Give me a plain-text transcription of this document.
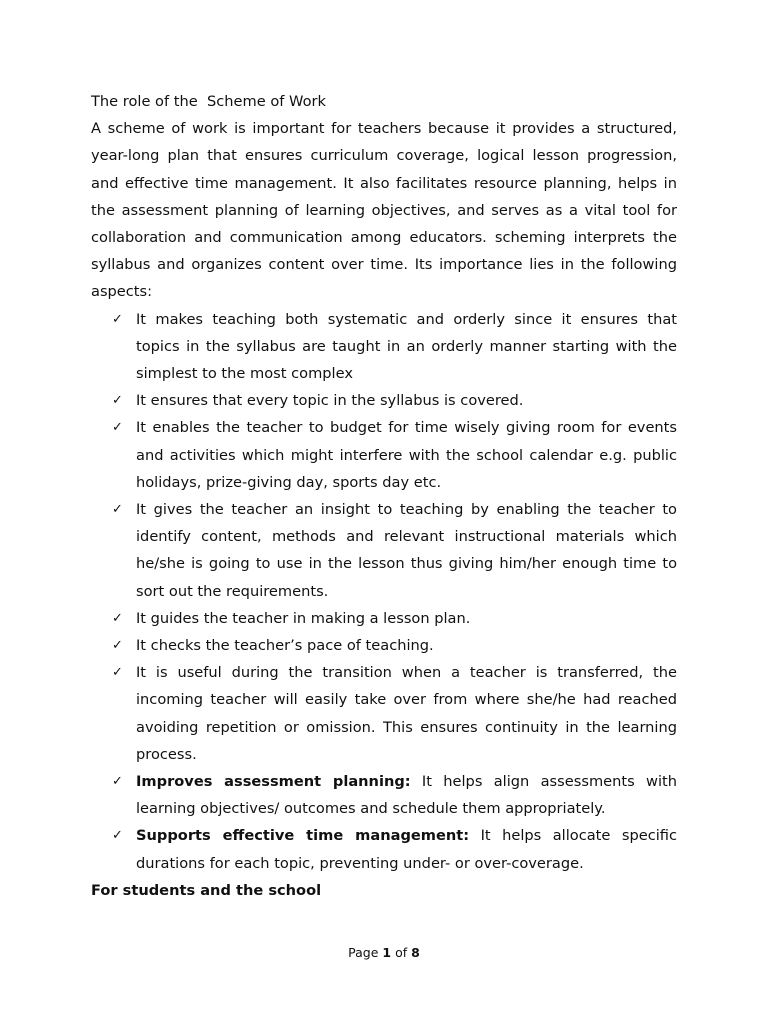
The role of the  Scheme of Work

A scheme of work is important for teachers because it provides a structured, year-long plan that ensures curriculum coverage, logical lesson progression, and effective time management. It also facilitates resource planning, helps in the assessment planning of learning objectives, and serves as a vital tool for collaboration and communication among educators. scheming interprets the syllabus and organizes content over time. Its importance lies in the following aspects:

✓ It makes teaching both systematic and orderly since it ensures that topics in the syllabus are taught in an orderly manner starting with the simplest to the most complex
✓ It ensures that every topic in the syllabus is covered.
✓ It enables the teacher to budget for time wisely giving room for events and activities which might interfere with the school calendar e.g. public holidays, prize-giving day, sports day etc.
✓ It gives the teacher an insight to teaching by enabling the teacher to identify content, methods and relevant instructional materials which he/she is going to use in the lesson thus giving him/her enough time to sort out the requirements.
✓ It guides the teacher in making a lesson plan.
✓ It checks the teacher’s pace of teaching.
✓ It is useful during the transition when a teacher is transferred, the incoming teacher will easily take over from where she/he had reached avoiding repetition or omission. This ensures continuity in the learning process.
✓ Improves assessment planning: It helps align assessments with learning objectives/ outcomes and schedule them appropriately.
✓ Supports effective time management: It helps allocate specific durations for each topic, preventing under- or over-coverage.

For students and the school

Page 1 of 8
